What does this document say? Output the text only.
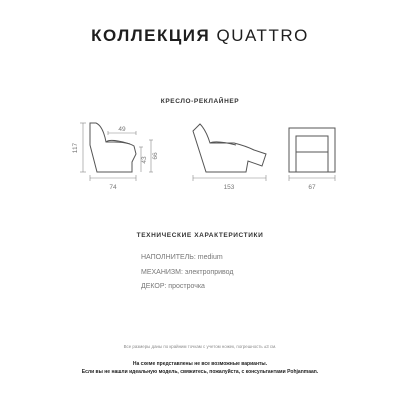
КОЛЛЕКЦИЯ QUATTRO
КРЕСЛО-РЕКЛАЙНЕР
117
49
43
66
74	153	67
ТЕХНИЧЕСКИЕ ХАРАКТЕРИСТИКИ
НАПОЛНИТЕЛЬ: medium
МЕХАНИЗМ: электропривод
ДЕКОР: прострочка
Все размеры даны по крайним точкам с учетом ножек, погрешность ±3 см.
На схеме представлены не все возможные варианты.
Если вы не нашли идеальную модель, свяжитесь, пожалуйста, с консультантами Pohjanmaan.
